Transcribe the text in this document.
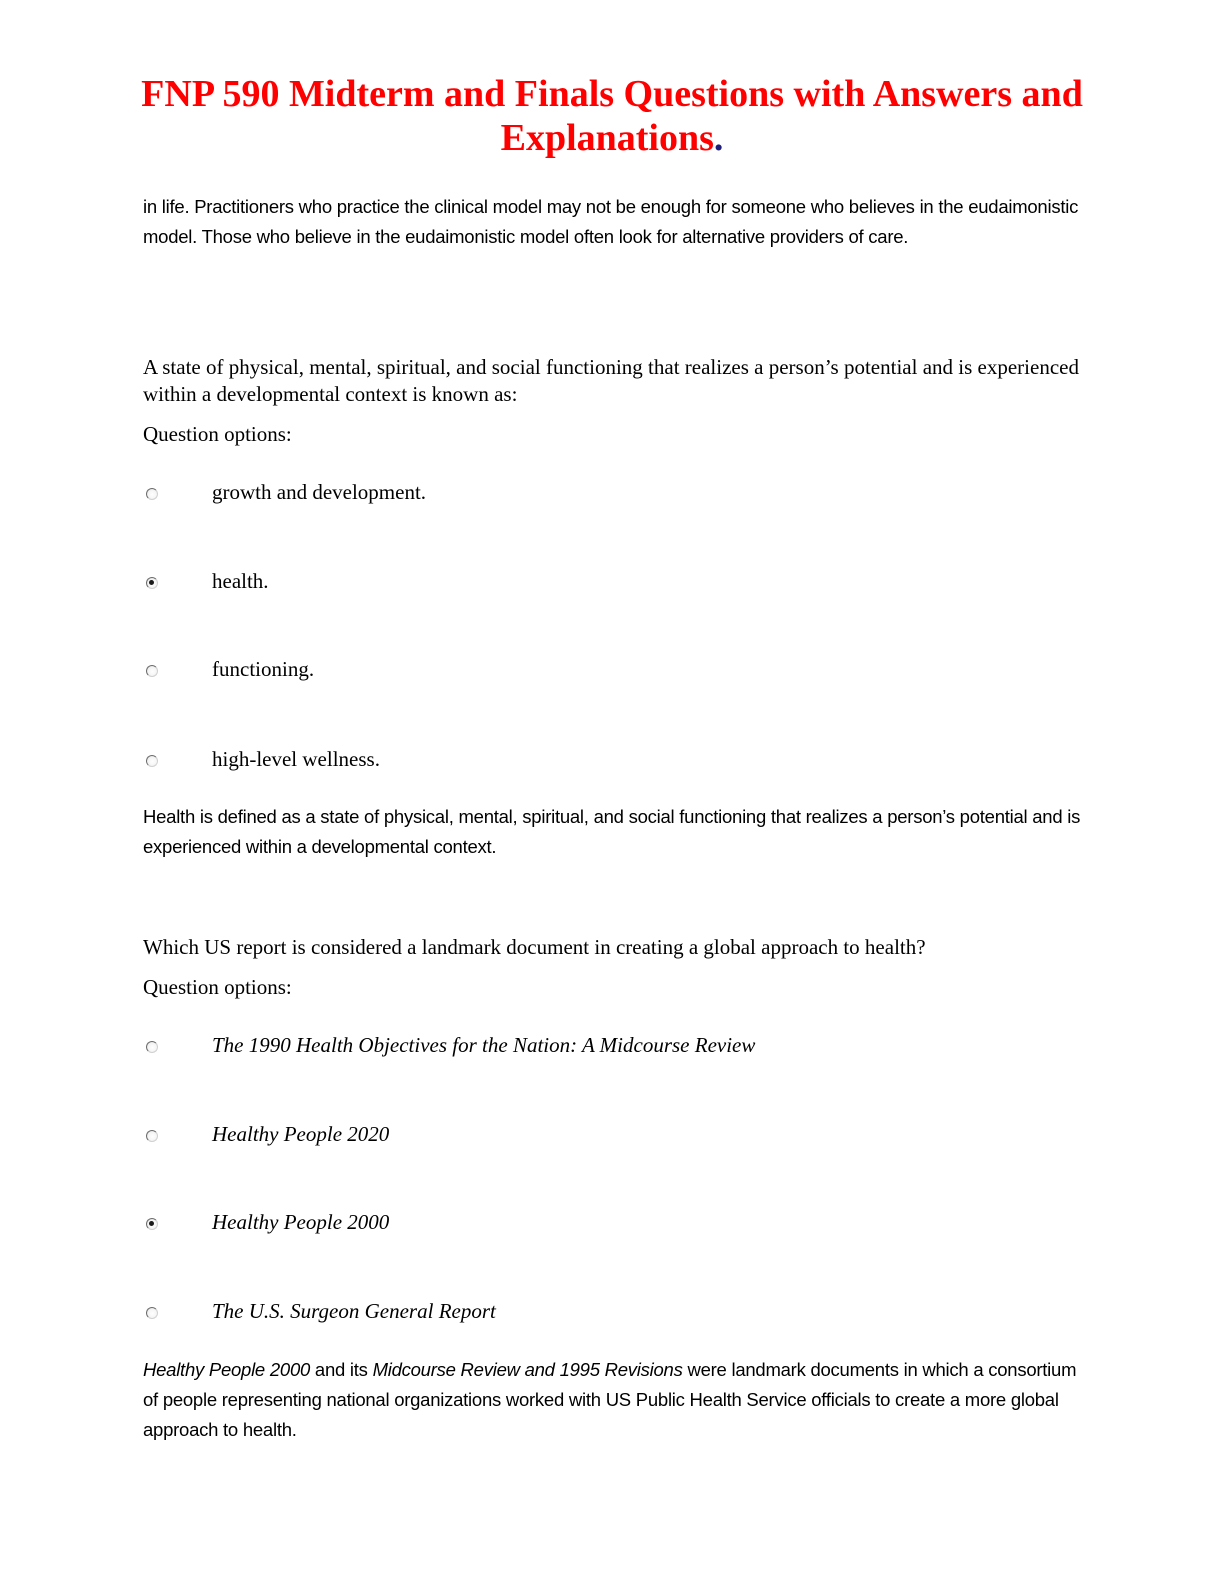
FNP 590 Midterm and Finals Questions with Answers and Explanations.
in life. Practitioners who practice the clinical model may not be enough for someone who believes in the eudaimonistic model. Those who believe in the eudaimonistic model often look for alternative providers of care.
A state of physical, mental, spiritual, and social functioning that realizes a person’s potential and is experienced within a developmental context is known as:
Question options:
growth and development.
health.
functioning.
high-level wellness.
Health is defined as a state of physical, mental, spiritual, and social functioning that realizes a person’s potential and is experienced within a developmental context.
Which US report is considered a landmark document in creating a global approach to health?
Question options:
The 1990 Health Objectives for the Nation: A Midcourse Review
Healthy People 2020
Healthy People 2000
The U.S. Surgeon General Report
Healthy People 2000 and its Midcourse Review and 1995 Revisions were landmark documents in which a consortium of people representing national organizations worked with US Public Health Service officials to create a more global approach to health.
